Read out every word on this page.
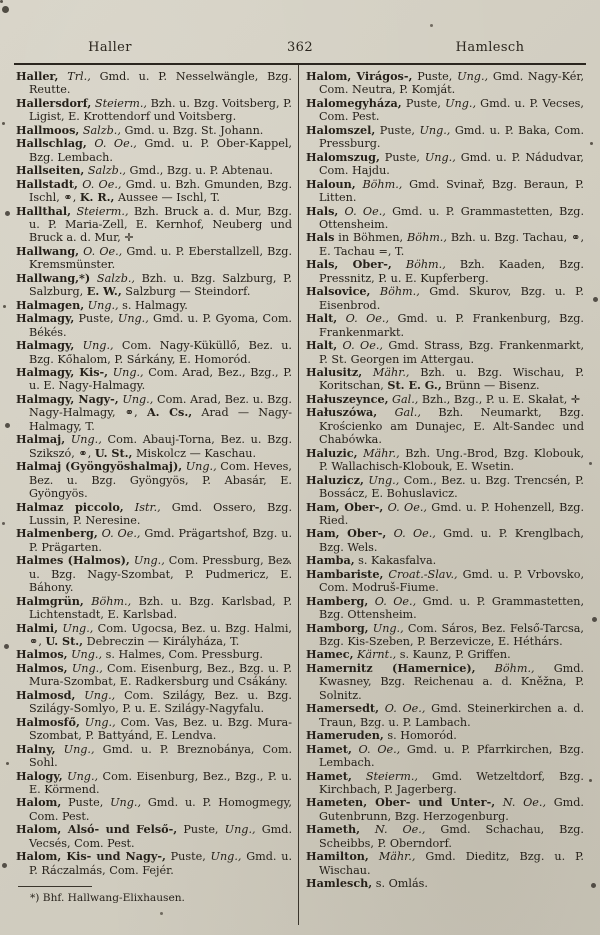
Haller	362	Hamlesch

Haller, Trl., Gmd. u. P. Nesselwängle, Bzg. Reutte.

Hallersdorf, Steierm., Bzh. u. Bzg. Voitsberg, P. Ligist, E. Krottendorf und Voitsberg.

Hallmoos, Salzb., Gmd. u. Bzg. St. Johann.

Hallschlag, O. Oe., Gmd. u. P. Ober-Kappel, Bzg. Lembach.

Hallseiten, Salzb., Gmd., Bzg. u. P. Abtenau.

Hallstadt, O. Oe., Gmd. u. Bzh. Gmunden, Bzg. Ischl, ⚭, K. R., Aussee — Ischl, T.

Hallthal, Steierm., Bzh. Bruck a. d. Mur, Bzg. u. P. Maria-Zell, E. Kernhof, Neuberg und Bruck a. d. Mur, ✛

Hallwang, O. Oe., Gmd. u. P. Eberstallzell, Bzg. Kremsmünster.

Hallwang,*) Salzb., Bzh. u. Bzg. Salzburg, P. Salzburg, E. W., Salzburg — Steindorf.

Halmagen, Ung., s. Halmagy.

Halmagy, Puste, Ung., Gmd. u. P. Gyoma, Com. Békés.

Halmagy, Ung., Com. Nagy-Küküllő, Bez. u. Bzg. Kőhalom, P. Sárkány, E. Homoród.

Halmagy, Kis-, Ung., Com. Arad, Bez., Bzg., P. u. E. Nagy-Halmagy.

Halmagy, Nagy-, Ung., Com. Arad, Bez. u. Bzg. Nagy-Halmagy, ⚭, A. Cs., Arad — Nagy-Halmagy, T.

Halmaj, Ung., Com. Abauj-Torna, Bez. u. Bzg. Szikszó, ⚭, U. St., Miskolcz — Kaschau.

Halmaj (Gyöngyöshalmaj), Ung., Com. Heves, Bez. u. Bzg. Gyöngyös, P. Abasár, E. Gyöngyös.

Halmaz piccolo, Istr., Gmd. Ossero, Bzg. Lussin, P. Neresine.

Halmenberg, O. Oe., Gmd. Prägartshof, Bzg. u. P. Prägarten.

Halmes (Halmos), Ung., Com. Pressburg, Bez. u. Bzg. Nagy-Szombat, P. Pudmericz, E. Báhony.

Halmgrün, Böhm., Bzh. u. Bzg. Karlsbad, P. Lichtenstadt, E. Karlsbad.

Halmi, Ung., Com. Ugocsa, Bez. u. Bzg. Halmi, ⚭, U. St., Debreczin — Királyháza, T.

Halmos, Ung., s. Halmes, Com. Pressburg.

Halmos, Ung., Com. Eisenburg, Bez., Bzg. u. P. Mura-Szombat, E. Radkersburg und Csákány.

Halmosd, Ung., Com. Szilágy, Bez. u. Bzg. Szilágy-Somlyo, P. u. E. Szilágy-Nagyfalu.

Halmosfő, Ung., Com. Vas, Bez. u. Bzg. Mura-Szombat, P. Battyánd, E. Lendva.

Halny, Ung., Gmd. u. P. Breznobánya, Com. Sohl.

Halogy, Ung., Com. Eisenburg, Bez., Bzg., P. u. E. Körmend.

Halom, Puste, Ung., Gmd. u. P. Homogmegy, Com. Pest.

Halom, Alsó- und Felső-, Puste, Ung., Gmd. Vecsés, Com. Pest.

Halom, Kis- und Nagy-, Puste, Ung., Gmd. u. P. Ráczalmás, Com. Fejér.

*) Bhf. Hallwang-Elixhausen.

Halom, Virágos-, Puste, Ung., Gmd. Nagy-Kér, Com. Neutra, P. Komját.

Halomegyháza, Puste, Ung., Gmd. u. P. Vecses, Com. Pest.

Halomszel, Puste, Ung., Gmd. u. P. Baka, Com. Pressburg.

Halomszug, Puste, Ung., Gmd. u. P. Nádudvar, Com. Hajdu.

Haloun, Böhm., Gmd. Svinař, Bzg. Beraun, P. Litten.

Hals, O. Oe., Gmd. u. P. Grammastetten, Bzg. Ottensheim.

Hals in Böhmen, Böhm., Bzh. u. Bzg. Tachau, ⚭, E. Tachau =, T.

Hals, Ober-, Böhm., Bzh. Kaaden, Bzg. Pressnitz, P. u. E. Kupferberg.

Halsovice, Böhm., Gmd. Skurov, Bzg. u. P. Eisenbrod.

Halt, O. Oe., Gmd. u. P. Frankenburg, Bzg. Frankenmarkt.

Halt, O. Oe., Gmd. Strass, Bzg. Frankenmarkt, P. St. Georgen im Attergau.

Halusitz, Mähr., Bzh. u. Bzg. Wischau, P. Koritschan, St. E. G., Brünn — Bisenz.

Hałuszeynce, Gal., Bzh., Bzg., P. u. E. Skałat, ✛

Hałuszówa, Gal., Bzh. Neumarkt, Bzg. Krościenko am Dunajec, E. Alt-Sandec und Chabówka.

Haluzic, Mähr., Bzh. Ung.-Brod, Bzg. Klobouk, P. Wallachisch-Klobouk, E. Wsetin.

Haluzicz, Ung., Com., Bez. u. Bzg. Trencsén, P. Bossácz, E. Bohuslavicz.

Ham, Ober-, O. Oe., Gmd. u. P. Hohenzell, Bzg. Ried.

Ham, Ober-, O. Oe., Gmd. u. P. Krenglbach, Bzg. Wels.

Hamba, s. Kakasfalva.

Hambariste, Croat.-Slav., Gmd. u. P. Vrbovsko, Com. Modruš-Fiume.

Hamberg, O. Oe., Gmd. u. P. Grammastetten, Bzg. Ottensheim.

Hamborg, Ung., Com. Sáros, Bez. Felső-Tarcsa, Bzg. Kis-Szeben, P. Berzevicze, E. Héthárs.

Hamec, Kärnt., s. Kaunz, P. Griffen.

Hamernitz (Hamernice), Böhm., Gmd. Kwasney, Bzg. Reichenau a. d. Kněžna, P. Solnitz.

Hamersedt, O. Oe., Gmd. Steinerkirchen a. d. Traun, Bzg. u. P. Lambach.

Hameruden, s. Homoród.

Hamet, O. Oe., Gmd. u. P. Pfarrkirchen, Bzg. Lembach.

Hamet, Steierm., Gmd. Wetzeltdorf, Bzg. Kirchbach, P. Jagerberg.

Hameten, Ober- und Unter-, N. Oe., Gmd. Gutenbrunn, Bzg. Herzogenburg.

Hameth, N. Oe., Gmd. Schachau, Bzg. Scheibbs, P. Oberndorf.

Hamilton, Mähr., Gmd. Dieditz, Bzg. u. P. Wischau.

Hamlesch, s. Omlás.
